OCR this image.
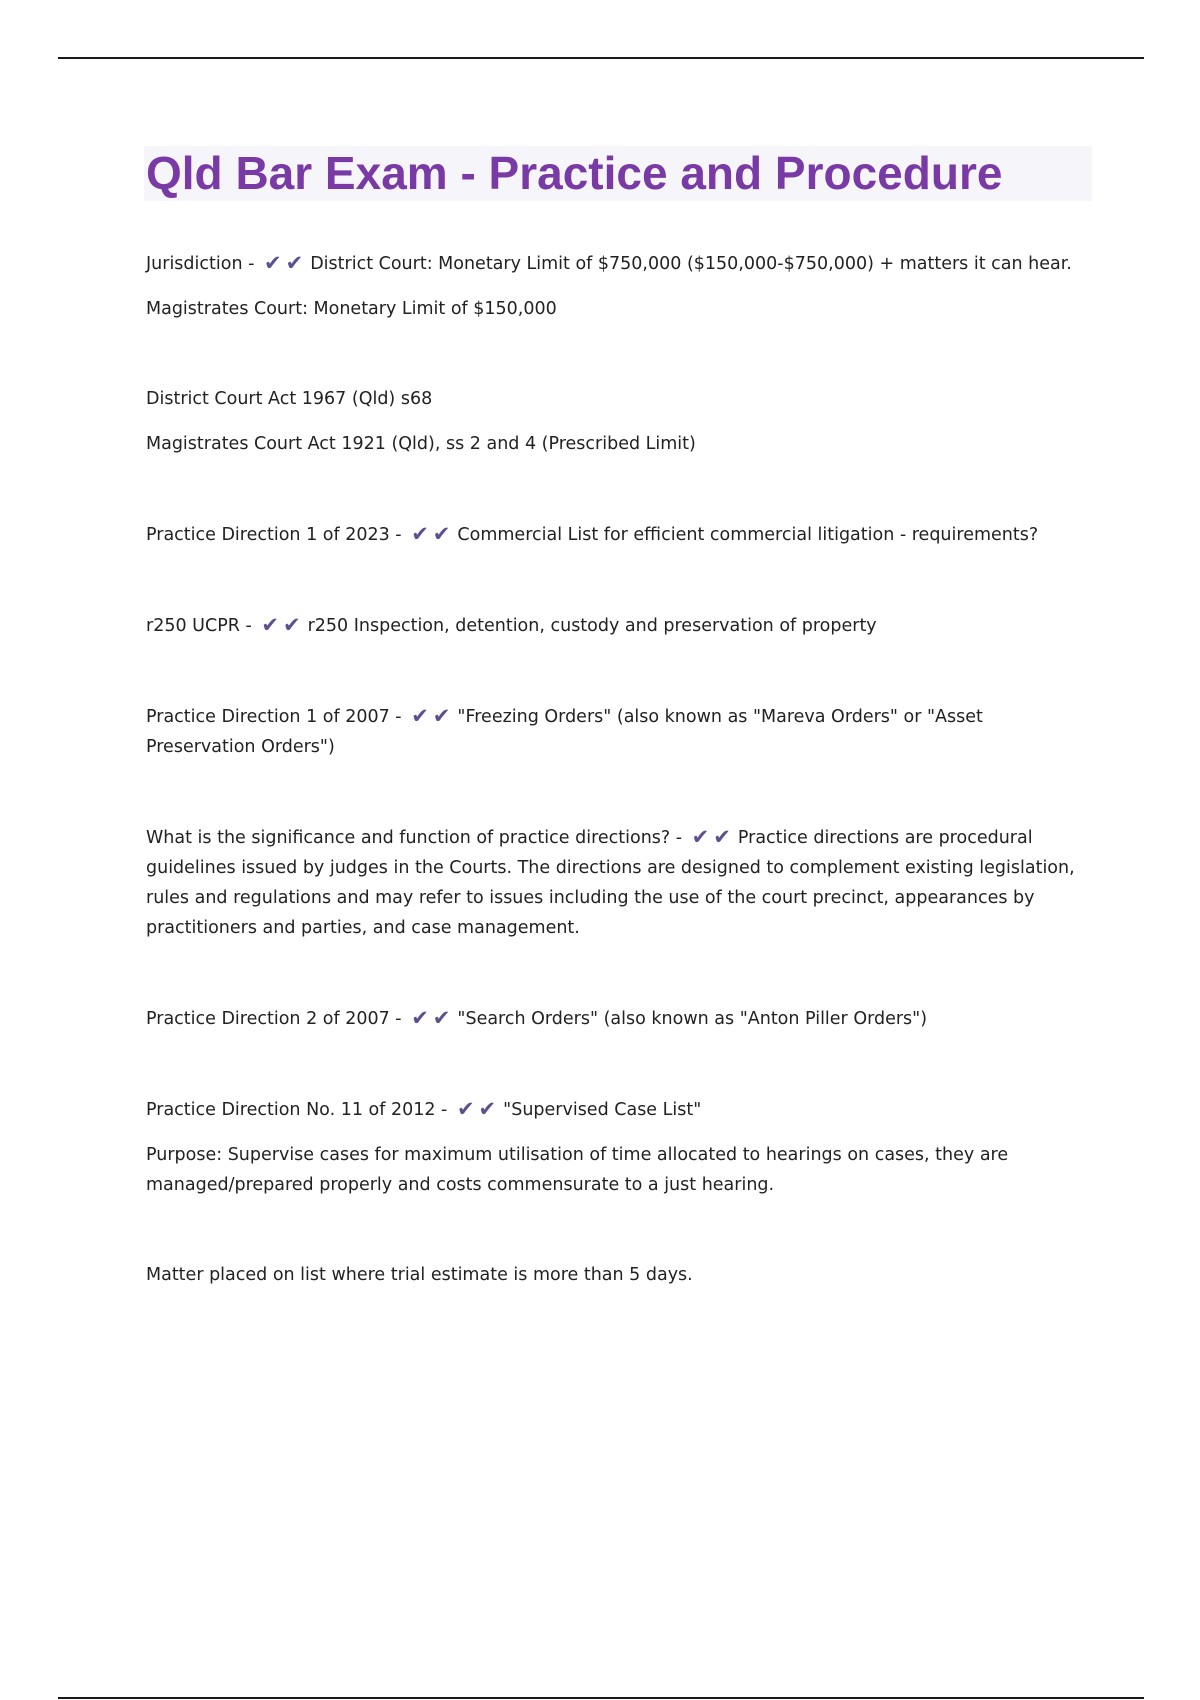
Qld Bar Exam - Practice and Procedure

Jurisdiction - ✔✔ District Court: Monetary Limit of $750,000 ($150,000-$750,000) + matters it can hear.

Magistrates Court: Monetary Limit of $150,000

District Court Act 1967 (Qld) s68

Magistrates Court Act 1921 (Qld), ss 2 and 4 (Prescribed Limit)

Practice Direction 1 of 2023 - ✔✔ Commercial List for efficient commercial litigation - requirements?

r250 UCPR - ✔✔ r250 Inspection, detention, custody and preservation of property

Practice Direction 1 of 2007 - ✔✔ "Freezing Orders" (also known as "Mareva Orders" or "Asset Preservation Orders")

What is the significance and function of practice directions? - ✔✔ Practice directions are procedural guidelines issued by judges in the Courts. The directions are designed to complement existing legislation, rules and regulations and may refer to issues including the use of the court precinct, appearances by practitioners and parties, and case management.

Practice Direction 2 of 2007 - ✔✔ "Search Orders" (also known as "Anton Piller Orders")

Practice Direction No. 11 of 2012 - ✔✔ "Supervised Case List"

Purpose: Supervise cases for maximum utilisation of time allocated to hearings on cases, they are managed/prepared properly and costs commensurate to a just hearing.

Matter placed on list where trial estimate is more than 5 days.
